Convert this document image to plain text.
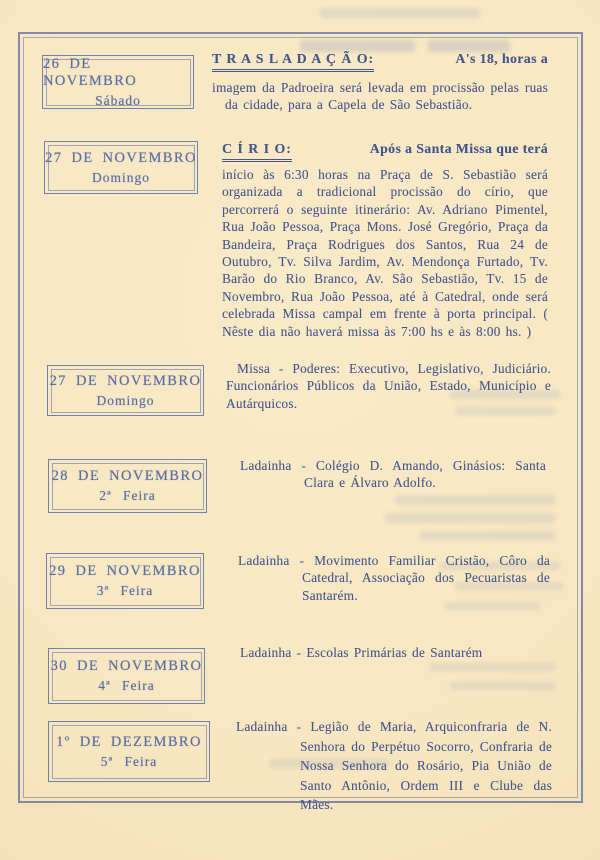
26 DE NOVEMBRO
Sábado
27 DE NOVEMBRO
Domingo
27 DE NOVEMBRO
Domingo
28 DE NOVEMBRO
2ª Feira
29 DE NOVEMBRO
3ª Feira
30 DE NOVEMBRO
4ª Feira
1º DE DEZEMBRO
5ª Feira
T R A S L A D A Ç Ã O:	A's 18, horas a

imagem da Padroeira será levada em procissão pelas ruas da cidade, para a Capela de São Sebastião.

C Í R I O:	Após a Santa Missa que terá

início às 6:30 horas na Praça de S. Sebastião será organizada a tradicional procissão do círio, que percorrerá o seguinte itinerário: Av. Adriano Pimentel, Rua João Pessoa, Praça Mons. José Gregório, Praça da Bandeira, Praça Rodrigues dos Santos, Rua 24 de Outubro, Tv. Silva Jardim, Av. Mendonça Furtado, Tv. Barão do Rio Branco, Av. São Sebastião, Tv. 15 de Novembro, Rua João Pessoa, até à Catedral, onde será celebrada Missa campal em frente à porta principal. ( Nêste dia não haverá missa às 7:00 hs e às 8:00 hs. )

Missa - Poderes: Executivo, Legislativo, Judiciário. Funcionários Públicos da União, Estado, Município e Autárquicos.

Ladainha - Colégio D. Amando, Ginásios: Santa Clara e Álvaro Adolfo.

Ladainha - Movimento Familiar Cristão, Côro da Catedral, Associação dos Pecuaristas de Santarém.

Ladainha - Escolas Primárias de Santarém

Ladainha - Legião de Maria, Arquiconfraria de N. Senhora do Perpétuo Socorro, Confraria de Nossa Senhora do Rosário, Pia União de Santo Antônio, Ordem III e Clube das Mães.
